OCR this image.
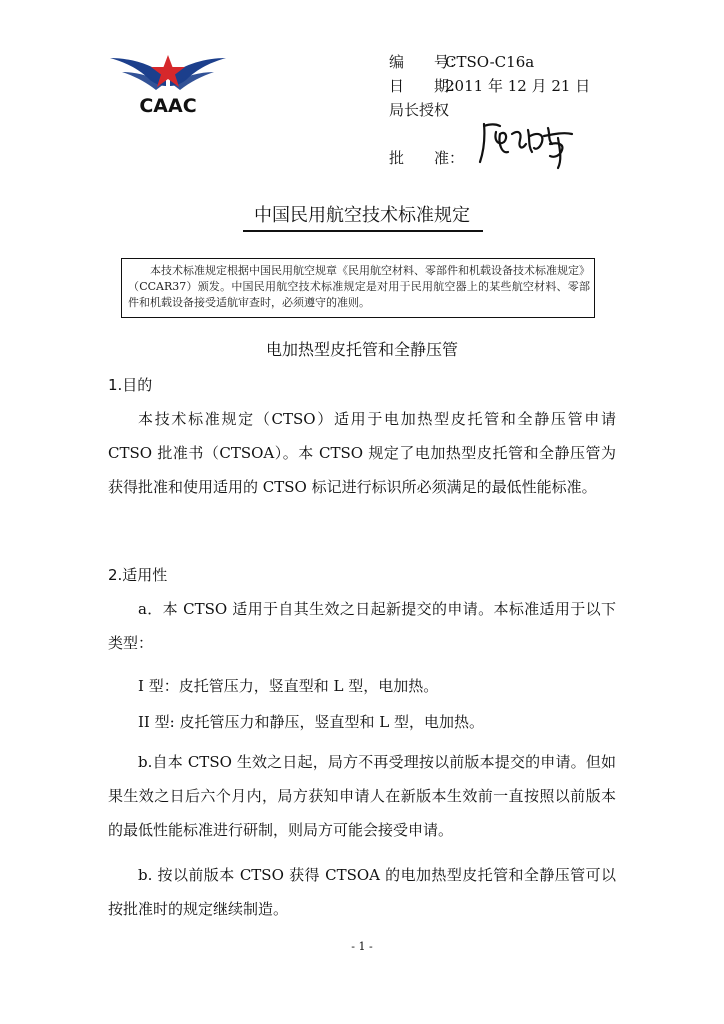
CAAC
编　　号：CTSO-C16a
日　　期：2011 年 12 月 21 日
局长授权
批　　准：
中国民用航空技术标准规定

本技术标准规定根据中国民用航空规章《民用航空材料、零部件和机载设备技术标准规定》（CCAR37）颁发。中国民用航空技术标准规定是对用于民用航空器上的某些航空材料、零部件和机载设备接受适航审查时，必须遵守的准则。

电加热型皮托管和全静压管
1.目的

本技术标准规定（CTSO）适用于电加热型皮托管和全静压管申请 CTSO 批准书（CTSOA）。本 CTSO 规定了电加热型皮托管和全静压管为获得批准和使用适用的 CTSO 标记进行标识所必须满足的最低性能标准。

2.适用性

a．本 CTSO 适用于自其生效之日起新提交的申请。本标准适用于以下类型：

I 型：皮托管压力，竖直型和 L 型，电加热。

II 型: 皮托管压力和静压，竖直型和 L 型，电加热。

b.自本 CTSO 生效之日起，局方不再受理按以前版本提交的申请。但如果生效之日后六个月内，局方获知申请人在新版本生效前一直按照以前版本的最低性能标准进行研制，则局方可能会接受申请。

b. 按以前版本 CTSO 获得 CTSOA 的电加热型皮托管和全静压管可以按批准时的规定继续制造。

- 1 -
